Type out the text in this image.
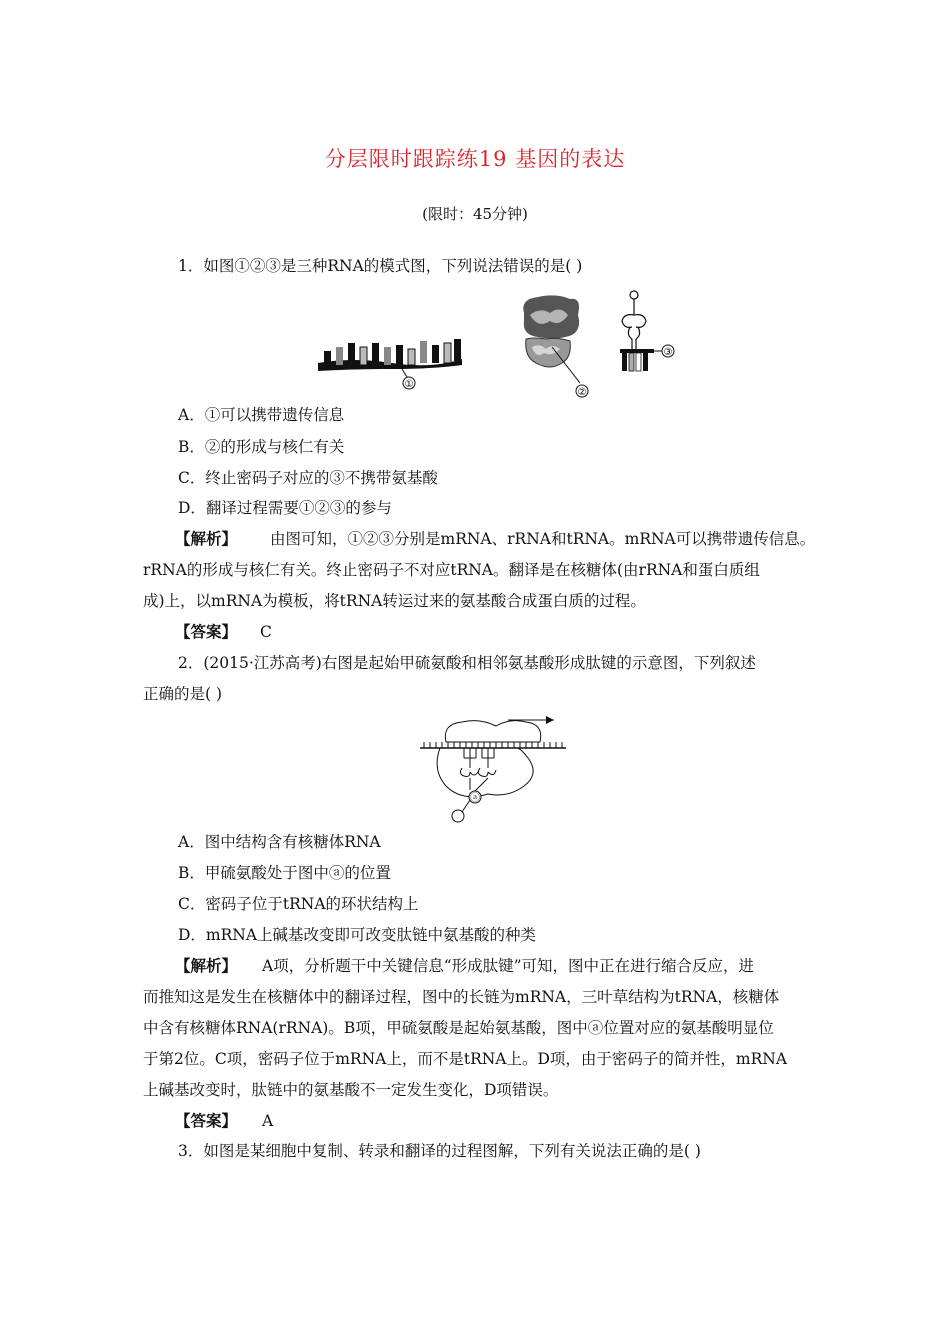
分层限时跟踪练19 基因的表达
(限时：45分钟)
1．如图①②③是三种RNA的模式图，下列说法错误的是( )
①
②
③
A．①可以携带遗传信息
B．②的形成与核仁有关
C．终止密码子对应的③不携带氨基酸
D．翻译过程需要①②③的参与
【解析】 由图可知，①②③分别是mRNA、rRNA和tRNA。mRNA可以携带遗传信息。
rRNA的形成与核仁有关。终止密码子不对应tRNA。翻译是在核糖体(由rRNA和蛋白质组
成)上，以mRNA为模板，将tRNA转运过来的氨基酸合成蛋白质的过程。
【答案】 C
2．(2015·江苏高考)右图是起始甲硫氨酸和相邻氨基酸形成肽键的示意图，下列叙述
正确的是( )
ⓐ
A．图中结构含有核糖体RNA
B．甲硫氨酸处于图中ⓐ的位置
C．密码子位于tRNA的环状结构上
D．mRNA上碱基改变即可改变肽链中氨基酸的种类
【解析】 A项，分析题干中关键信息“形成肽键”可知，图中正在进行缩合反应，进
而推知这是发生在核糖体中的翻译过程，图中的长链为mRNA，三叶草结构为tRNA，核糖体
中含有核糖体RNA(rRNA)。B项，甲硫氨酸是起始氨基酸，图中ⓐ位置对应的氨基酸明显位
于第2位。C项，密码子位于mRNA上，而不是tRNA上。D项，由于密码子的简并性，mRNA
上碱基改变时，肽链中的氨基酸不一定发生变化，D项错误。
【答案】 A
3．如图是某细胞中复制、转录和翻译的过程图解，下列有关说法正确的是( )
